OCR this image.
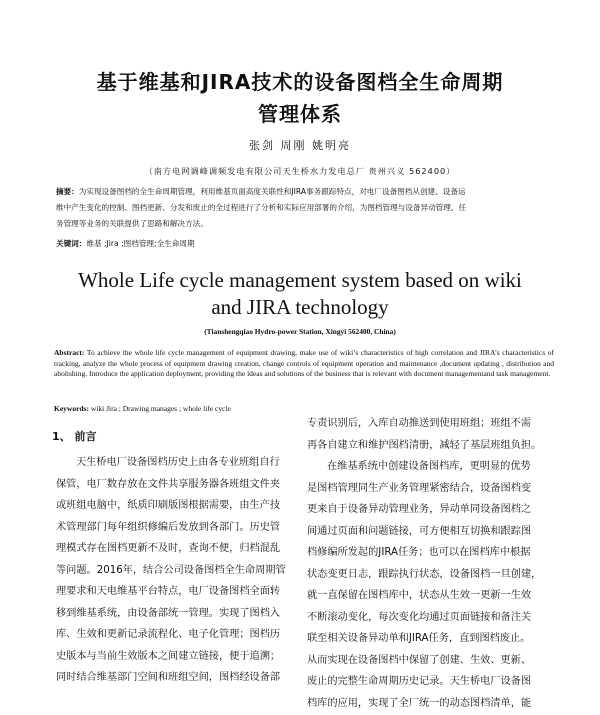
基于维基和JIRA技术的设备图档全生命周期
管理体系
张剑 周刚 姚明亮
（南方电网调峰调频发电有限公司天生桥水力发电总厂 贵州兴义 562400）
摘要：为实现设备图档的全生命周期管理，利用维基页面高度关联性和JIRA事务跟踪特点，对电厂设备图档从创建、设备运
维中产生变化的控制、图档更新、分发和废止的全过程进行了分析和实际应用部署的介绍，为图档管理与设备异动管理、任
务管理等业务的关联提供了思路和解决方法。
关键词：维基 ;Jira ;图档管理;全生命周期
Whole Life cycle management system based on wiki
and JIRA technology
(Tianshengqiao Hydro-power Station, Xingyi 562400, China)
Abstract: To achieve the whole life cycle management of equipment drawing, make use of wiki’s characteristics of high correlation and JIRA’s characteristics of tracking, analyze the whole process of equipment drawing creation, change controls of equipment operation and maintenance ,document updating , distribution and abolishing. Introduce the application deployment, providing the ideas and solutions of the business that is relevant with document managementand task management.
Keywords: wiki Jira ; Drawing manages ; whole life cycle
1、 前言
天生桥电厂设备图档历史上由各专业班组自行
保管，电厂数存放在文件共享服务器各班组文件夹
或班组电脑中，纸质印刷版图根据需要，由生产技
术管理部门每年组织修编后发放到各部门。历史管
理模式存在图档更新不及时，查询不便，归档混乱
等问题。2016年，结合公司设备图档全生命周期管
理要求和天电维基平台特点，电厂设备图档全面转
移到维基系统，由设备部统一管理。实现了图档入
库、生效和更新记录流程化、电子化管理；图档历
史版本与当前生效版本之间建立链接，便于追溯；
同时结合维基部门空间和班组空间，图档经设备部
专责识别后，入库自动推送到使用班组；班组不需
再各自建立和维护图档清册，减轻了基层班组负担。
在维基系统中创建设备图档库，更明显的优势
是图档管理同生产业务管理紧密结合，设备图档变
更来自于设备异动管理业务，异动单同设备图档之
间通过页面和问题链接，可方便相互切换和跟踪图
档修编所发起的JIRA任务；也可以在图档库中根据
状态变更日志，跟踪执行状态，设备图档一旦创建，
就一直保留在图档库中，状态从生效一更新一生效
不断滚动变化，每次变化均通过页面链接和备注关
联至相关设备异动单和JIRA任务，直到图档废止。
从而实现在设备图档中保留了创建、生效、更新、
废止的完整生命周期历史记录。天生桥电厂设备图
档库的应用，实现了全厂统一的动态图档清单，能
